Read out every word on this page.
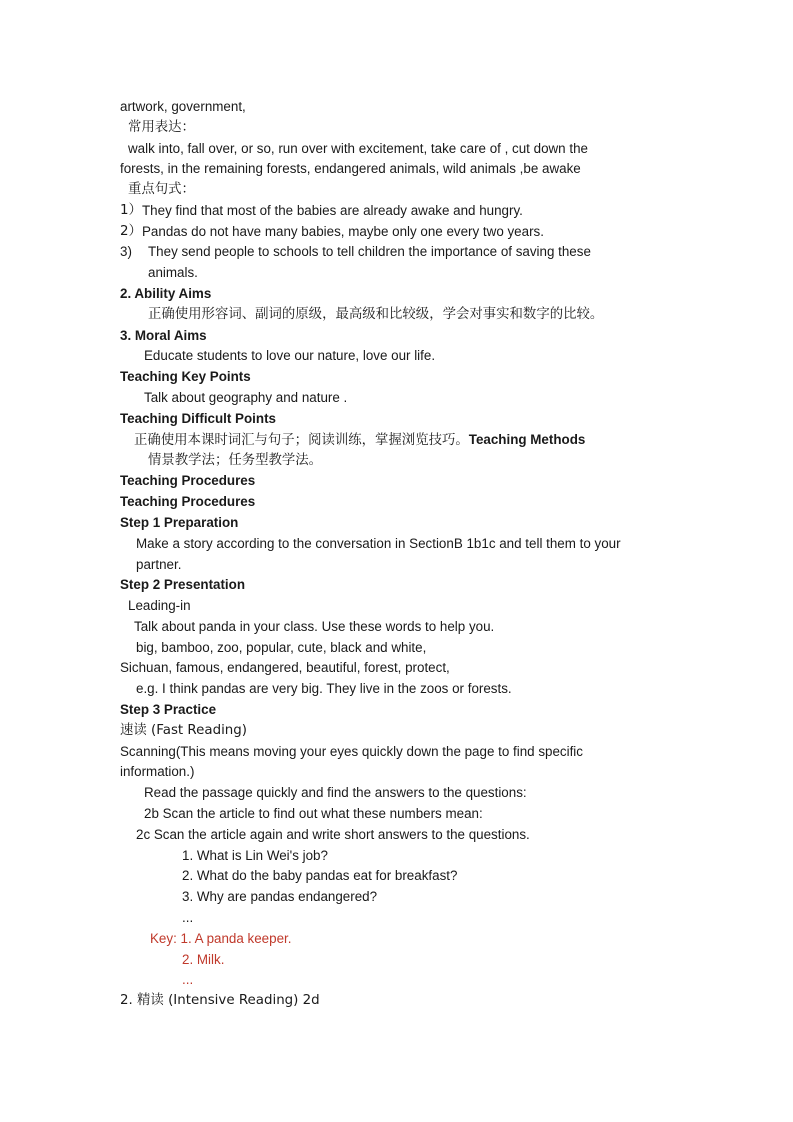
artwork, government,
常用表达：
walk into, fall over, or so, run over with excitement, take care of , cut down the
forests, in the remaining forests, endangered animals, wild animals ,be awake
重点句式：
1） They find that most of the babies are already awake and hungry.
2） Pandas do not have many babies, maybe only one every two years.
3)	They send people to schools to tell children the importance of saving these
animals.
2. Ability Aims
正确使用形容词、副词的原级，最高级和比较级，学会对事实和数字的比较。
3. Moral Aims
Educate students to love our nature, love our life.
Teaching Key Points
Talk about geography and nature .
Teaching Difficult Points
正确使用本课时词汇与句子；阅读训练，掌握浏览技巧。Teaching Methods
情景教学法；任务型教学法。
Teaching Procedures
Teaching Procedures
Step 1 Preparation
Make a story according to the conversation in SectionB 1b1c and tell them to your
partner.
Step 2 Presentation
Leading-in
Talk about panda in your class. Use these words to help you.
big, bamboo, zoo, popular, cute, black and white,
Sichuan, famous, endangered, beautiful, forest, protect,
e.g. I think pandas are very big. They live in the zoos or forests.
Step 3 Practice
速读 (Fast Reading)
Scanning(This means moving your eyes quickly down the page to find specific
information.)
Read the passage quickly and find the answers to the questions:
2b Scan the article to find out what these numbers mean:
2c Scan the article again and write short answers to the questions.
1. What is Lin Wei's job?
2. What do the baby pandas eat for breakfast?
3. Why are pandas endangered?
...
Key: 1. A panda keeper.
2. Milk.
...
2. 精读 (Intensive Reading) 2d
